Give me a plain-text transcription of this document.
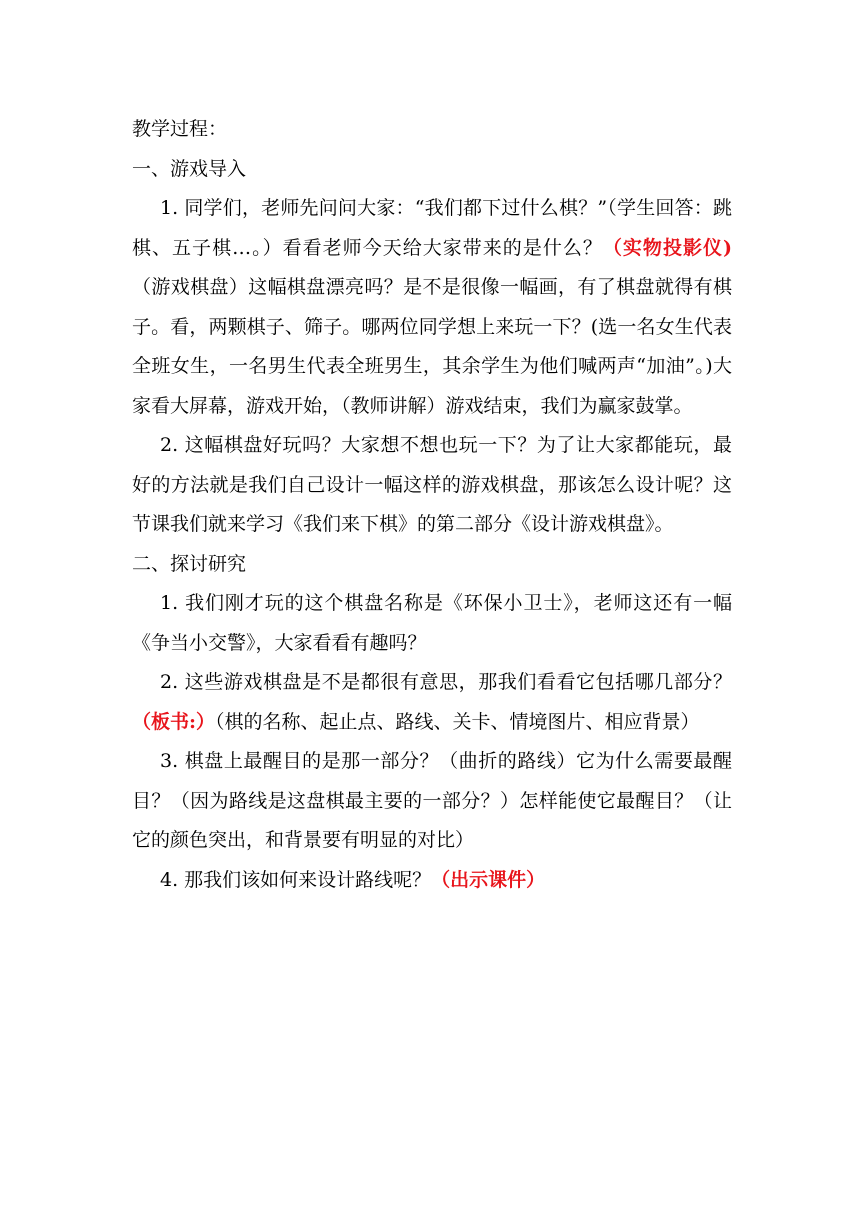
教学过程：

一、游戏导入

1. 同学们，老师先问问大家：“我们都下过什么棋？”（学生回答：跳棋、五子棋…。）看看老师今天给大家带来的是什么？（实物投影仪)（游戏棋盘）这幅棋盘漂亮吗？是不是很像一幅画，有了棋盘就得有棋子。看，两颗棋子、筛子。哪两位同学想上来玩一下？(选一名女生代表全班女生，一名男生代表全班男生，其余学生为他们喊两声“加油”。)大家看大屏幕，游戏开始，（教师讲解）游戏结束，我们为赢家鼓掌。

2. 这幅棋盘好玩吗？大家想不想也玩一下？为了让大家都能玩，最好的方法就是我们自己设计一幅这样的游戏棋盘，那该怎么设计呢？这节课我们就来学习《我们来下棋》的第二部分《设计游戏棋盘》。

二、探讨研究

1. 我们刚才玩的这个棋盘名称是《环保小卫士》，老师这还有一幅《争当小交警》，大家看看有趣吗？

2. 这些游戏棋盘是不是都很有意思，那我们看看它包括哪几部分？（板书:）（棋的名称、起止点、路线、关卡、情境图片、相应背景）

3. 棋盘上最醒目的是那一部分？（曲折的路线）它为什么需要最醒目？（因为路线是这盘棋最主要的一部分？）怎样能使它最醒目？（让它的颜色突出，和背景要有明显的对比）

4. 那我们该如何来设计路线呢？（出示课件）
